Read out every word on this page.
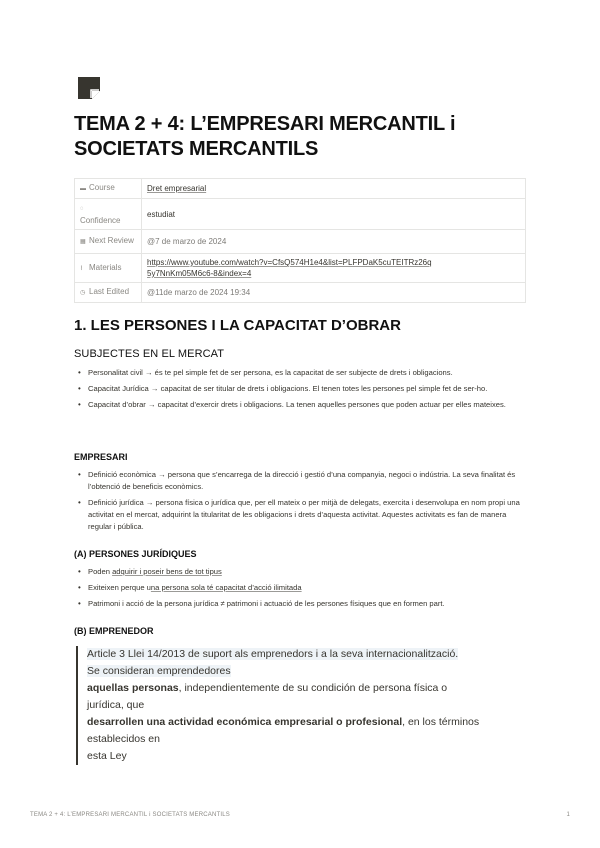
TEMA 2 + 4: L’EMPRESARI MERCANTIL i SOCIETATS MERCANTILS
▬ Course	Dret empresarial
◌
Confidence	estudiat
▦ Next Review	@7 de marzo de 2024
⌇ Materials	https://www.youtube.com/watch?v=CfsQ574H1e4&list=PLFPDaK5cuTEITRz26q5y7NnKm05M6c6-8&index=4
◷ Last Edited	@11de marzo de 2024 19:34
1. LES PERSONES I LA CAPACITAT D’OBRAR
SUBJECTES EN EL MERCAT
• Personalitat civil → és te pel simple fet de ser persona, es la capacitat de ser subjecte de drets i obligacions.
• Capacitat Jurídica → capacitat de ser titular de drets i obligacions. El tenen totes les persones pel simple fet de ser-ho.
• Capacitat d’obrar → capacitat d’exercir drets i obligacions. La tenen aquelles persones que poden actuar per elles mateixes.
EMPRESARI
• Definició econòmica → persona que s’encarrega de la direcció i gestió d’una companyia, negoci o indústria. La seva finalitat és l’obtenció de beneficis econòmics.
• Definició jurídica → persona física o jurídica que, per ell mateix o per mitjà de delegats, exercita i desenvolupa en nom propi una activitat en el mercat, adquirint la titularitat de les obligacions i drets d’aquesta activitat. Aquestes activitats es fan de manera regular i pública.
(A) PERSONES JURÍDIQUES
• Poden adquirir i poseir bens de tot tipus
• Exiteixen perque una persona sola té capacitat d’acció ilimitada
• Patrimoni i acció de la persona jurídica ≠ patrimoni i actuació de les persones físiques que en formen part.
(B) EMPRENEDOR
Article 3 Llei 14/2013 de suport als emprenedors i a la seva internacionalització.
Se consideran emprendedores
aquellas personas, independientemente de su condición de persona física o
jurídica, que
desarrollen una actividad económica empresarial o profesional, en los términos
establecidos en
esta Ley
TEMA 2 + 4: L’EMPRESARI MERCANTIL i SOCIETATS MERCANTILS	1
